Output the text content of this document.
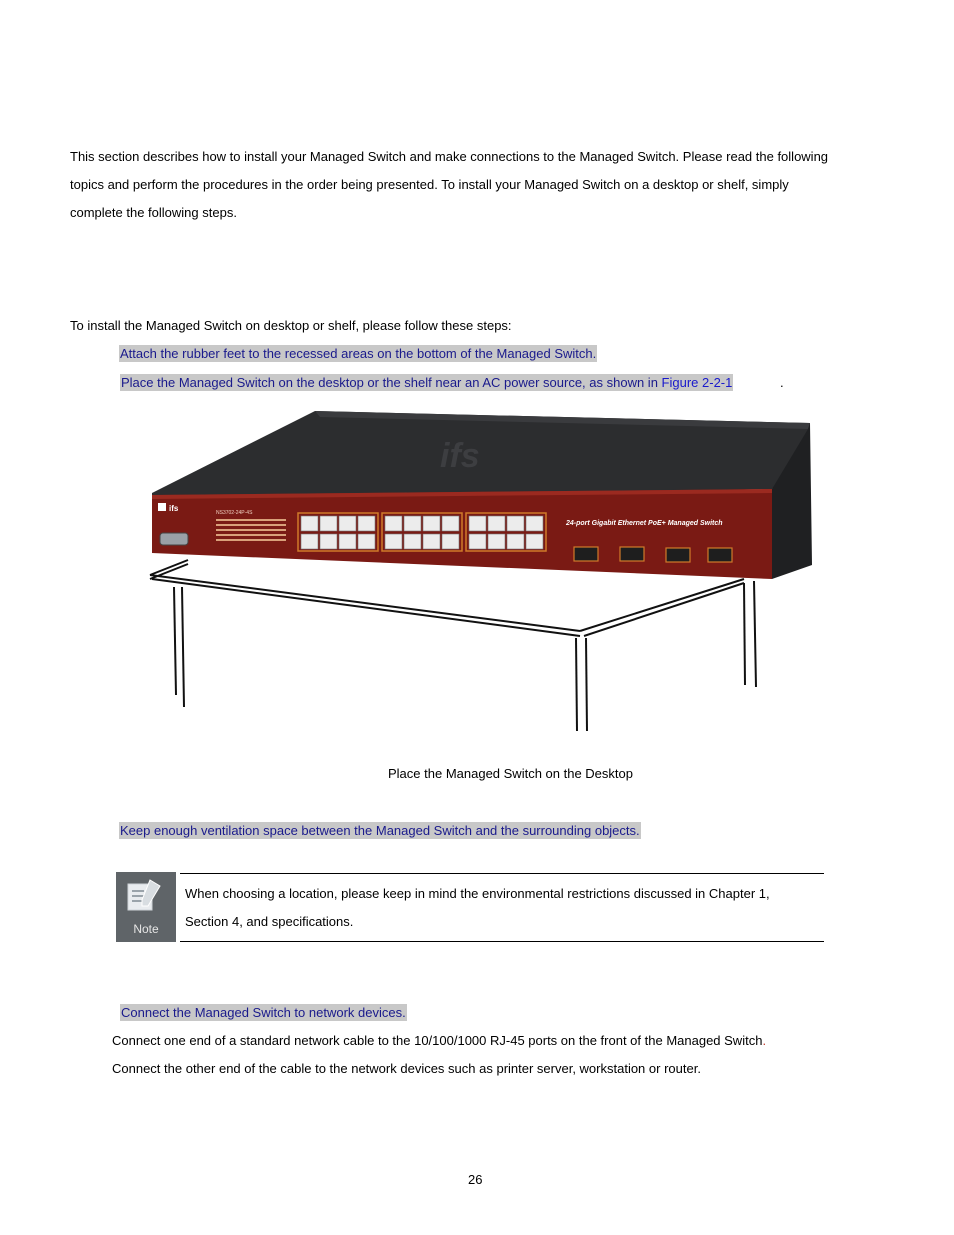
This section describes how to install your Managed Switch and make connections to the Managed Switch. Please read the following
topics and perform the procedures in the order being presented. To install your Managed Switch on a desktop or shelf, simply
complete the following steps.
To install the Managed Switch on desktop or shelf, please follow these steps:
Attach the rubber feet to the recessed areas on the bottom of the Managed Switch.
Place the Managed Switch on the desktop or the shelf near an AC power source, as shown in Figure 2-2-1	.
ifs
ifs	NS3702-24P-4S
24-port Gigabit Ethernet PoE+ Managed Switch
Place the Managed Switch on the Desktop
Keep enough ventilation space between the Managed Switch and the surrounding objects.
Note
When choosing a location, please keep in mind the environmental restrictions discussed in Chapter 1,
Section 4, and specifications.
Connect the Managed Switch to network devices.
Connect one end of a standard network cable to the 10/100/1000 RJ-45 ports on the front of the Managed Switch.
Connect the other end of the cable to the network devices such as printer server, workstation or router.
26
